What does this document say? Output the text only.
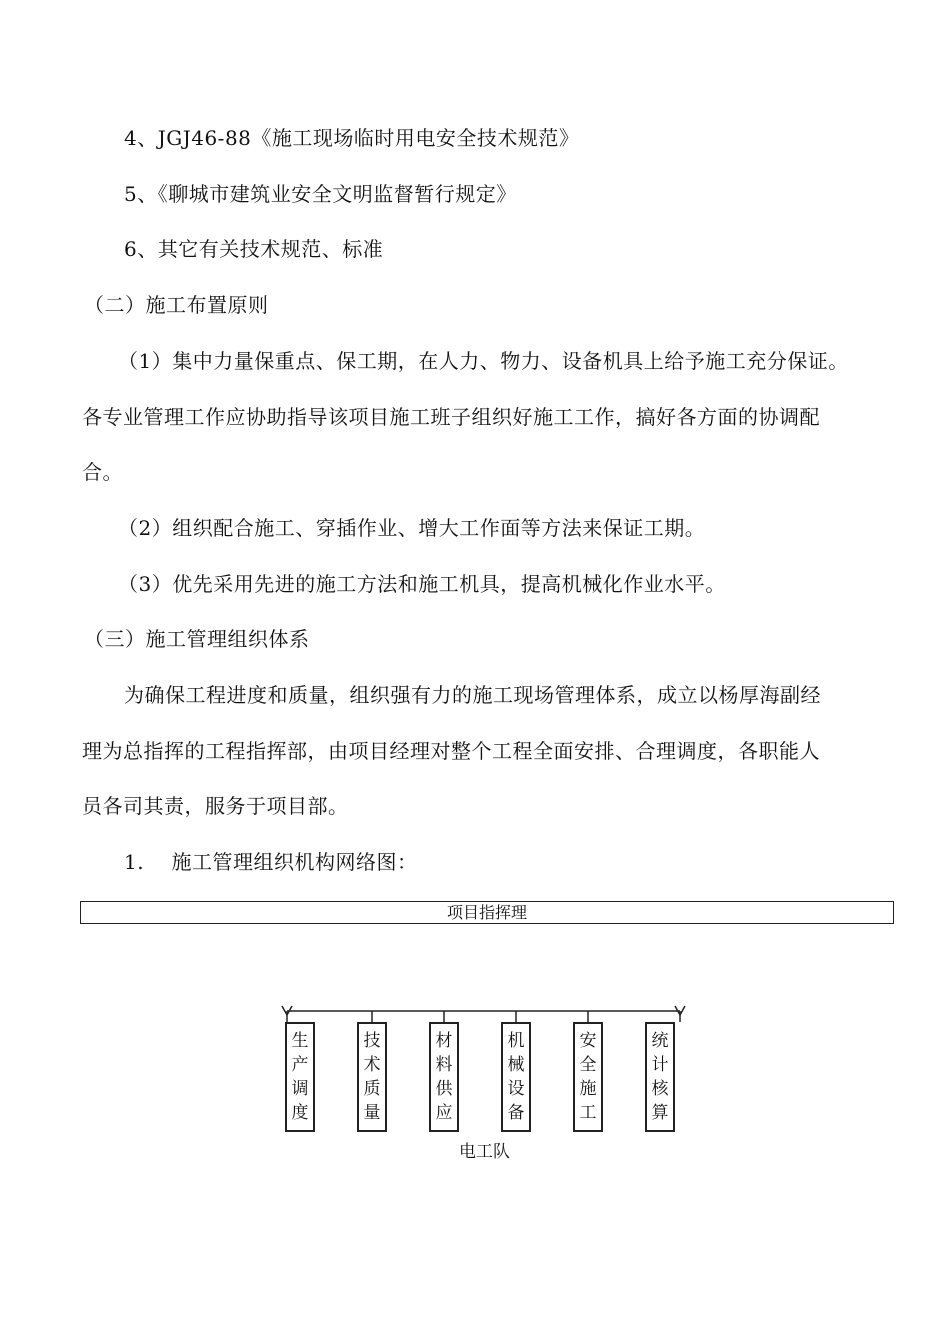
4、JGJ46-88《施工现场临时用电安全技术规范》
5、《聊城市建筑业安全文明监督暂行规定》
6、其它有关技术规范、标准
（二）施工布置原则
（1）集中力量保重点、保工期，在人力、物力、设备机具上给予施工充分保证。
各专业管理工作应协助指导该项目施工班子组织好施工工作，搞好各方面的协调配
合。
（2）组织配合施工、穿插作业、增大工作面等方法来保证工期。
（3）优先采用先进的施工方法和施工机具，提高机械化作业水平。
（三）施工管理组织体系
为确保工程进度和质量，组织强有力的施工现场管理体系，成立以杨厚海副经
理为总指挥的工程指挥部，由项目经理对整个工程全面安排、合理调度，各职能人
员各司其责，服务于项目部。
1.    施工管理组织机构网络图：
项目指挥理
生
产
调
度
技
术
质
量
材
料
供
应
机
械
设
备
安
全
施
工
统
计
核
算
电工队
